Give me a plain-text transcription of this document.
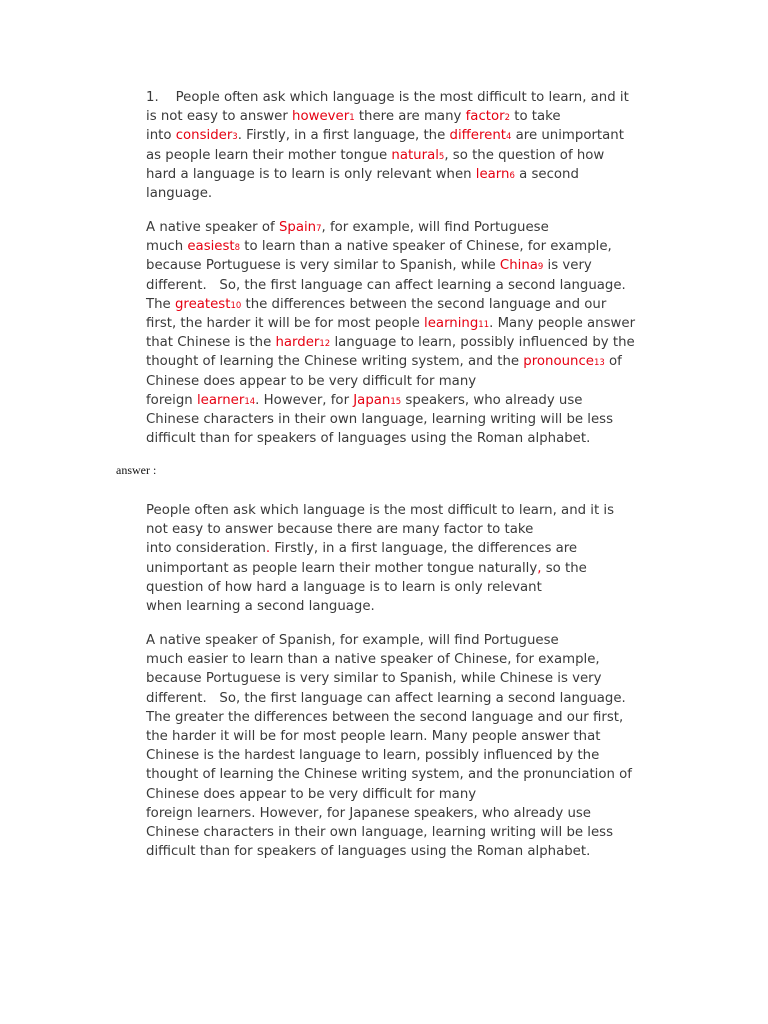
1.    People often ask which language is the most difficult to learn, and it
is not easy to answer however1 there are many factor2 to take
into consider3. Firstly, in a first language, the different4 are unimportant
as people learn their mother tongue natural5, so the question of how
hard a language is to learn is only relevant when learn6 a second
language.
A native speaker of Spain7, for example, will find Portuguese
much easiest8 to learn than a native speaker of Chinese, for example,
because Portuguese is very similar to Spanish, while China9 is very
different.   So, the first language can affect learning a second language.
The greatest10 the differences between the second language and our
first, the harder it will be for most people learning11. Many people answer
that Chinese is the harder12 language to learn, possibly influenced by the
thought of learning the Chinese writing system, and the pronounce13 of
Chinese does appear to be very difficult for many
foreign learner14. However, for Japan15 speakers, who already use
Chinese characters in their own language, learning writing will be less
difficult than for speakers of languages using the Roman alphabet.
answer :
People often ask which language is the most difficult to learn, and it is
not easy to answer because there are many factor to take
into consideration. Firstly, in a first language, the differences are
unimportant as people learn their mother tongue naturally, so the
question of how hard a language is to learn is only relevant
when learning a second language.
A native speaker of Spanish, for example, will find Portuguese
much easier to learn than a native speaker of Chinese, for example,
because Portuguese is very similar to Spanish, while Chinese is very
different.   So, the first language can affect learning a second language.
The greater the differences between the second language and our first,
the harder it will be for most people learn. Many people answer that
Chinese is the hardest language to learn, possibly influenced by the
thought of learning the Chinese writing system, and the pronunciation of
Chinese does appear to be very difficult for many
foreign learners. However, for Japanese speakers, who already use
Chinese characters in their own language, learning writing will be less
difficult than for speakers of languages using the Roman alphabet.
